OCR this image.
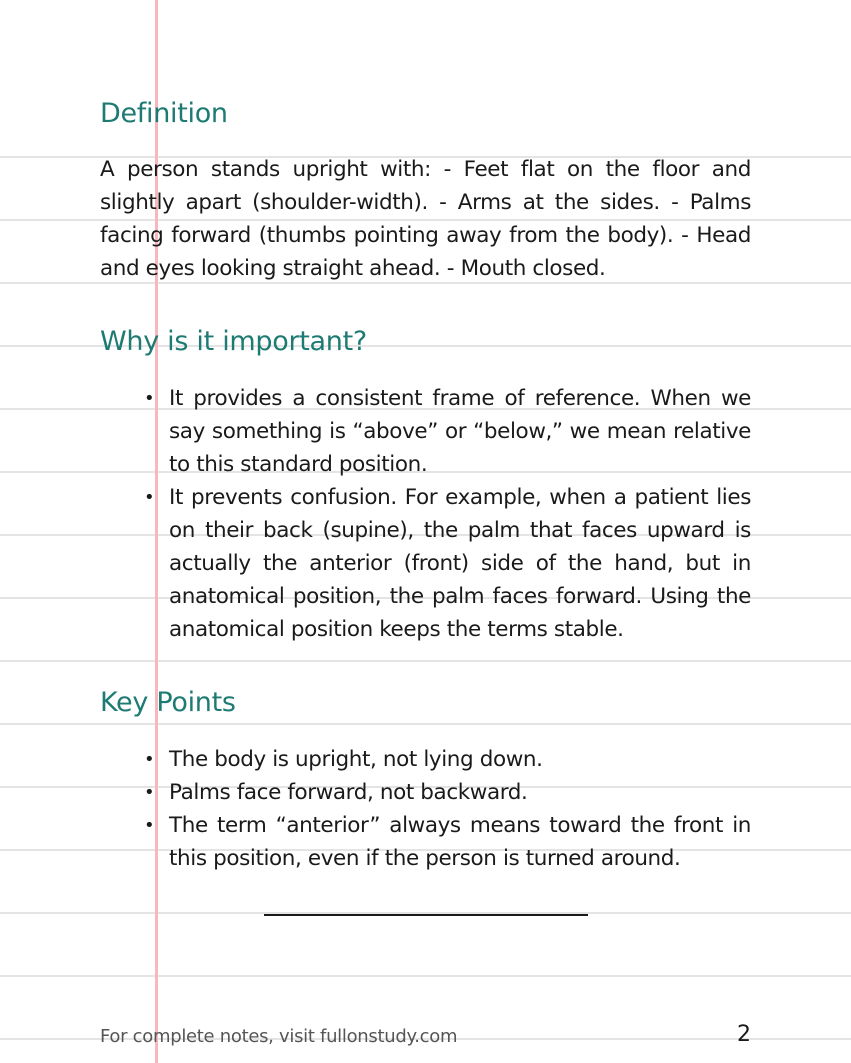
Definition

A person stands upright with: - Feet flat on the floor and slightly apart (shoulder-width). - Arms at the sides. - Palms facing forward (thumbs pointing away from the body). - Head and eyes looking straight ahead. - Mouth closed.

Why is it important?
• It provides a consistent frame of reference. When we say something is “above” or “below,” we mean relative to this standard position.
• It prevents confusion. For example, when a patient lies on their back (supine), the palm that faces upward is actually the anterior (front) side of the hand, but in anatomical position, the palm faces forward. Using the anatomical position keeps the terms stable.
Key Points
• The body is upright, not lying down.
• Palms face forward, not backward.
• The term “anterior” always means toward the front in this position, even if the person is turned around.
For complete notes, visit fullonstudy.com	2
